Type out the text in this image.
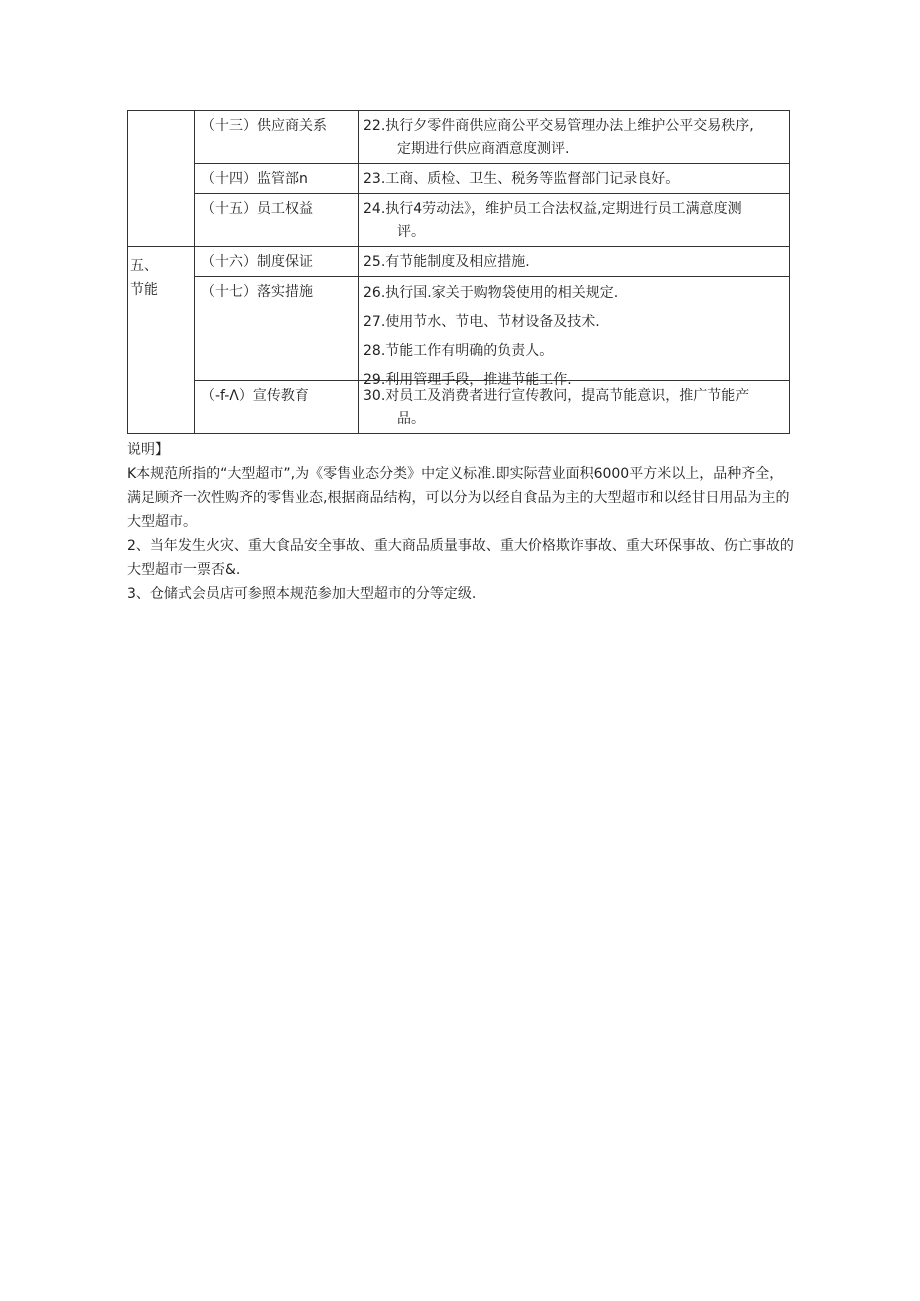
	（十三）供应商关系	22.执行夕零件商供应商公平交易管理办法上维护公平交易秩序,
定期进行供应商酒意度测评.

	（十四）监管部n	23.工商、质检、卫生、税务等监督部门记录良好。

	（十五）员工权益	24.执行4劳动法》，维护员工合法权益,定期进行员工满意度测
评。

五、
节能	（十六）制度保证	25.有节能制度及相应措施.

	（十七）落实措施	26.执行国.家关于购物袋使用的相关规定.
27.使用节水、节电、节材设备及技术.
28.节能工作有明确的负责人。
29.利用管理手段，推进节能工作.

	（-f-Λ）宣传教育	30.对员工及消费者进行宣传教问，提高节能意识，推广节能产
品。

说明】

K本规范所指的“大型超市”,为《零售业态分类》中定义标准.即实际营业面积6000平方米以上，品种齐全，满足顾齐一次性购齐的零售业态,根据商品结构，可以分为以经自食品为主的大型超市和以经甘日用品为主的大型超市。

2、当年发生火灾、重大食品安全事故、重大商品质量事故、重大价格欺诈事故、重大环保事故、伤亡事故的大型超市一票否&.

3、仓储式会员店可参照本规范参加大型超市的分等定级.
